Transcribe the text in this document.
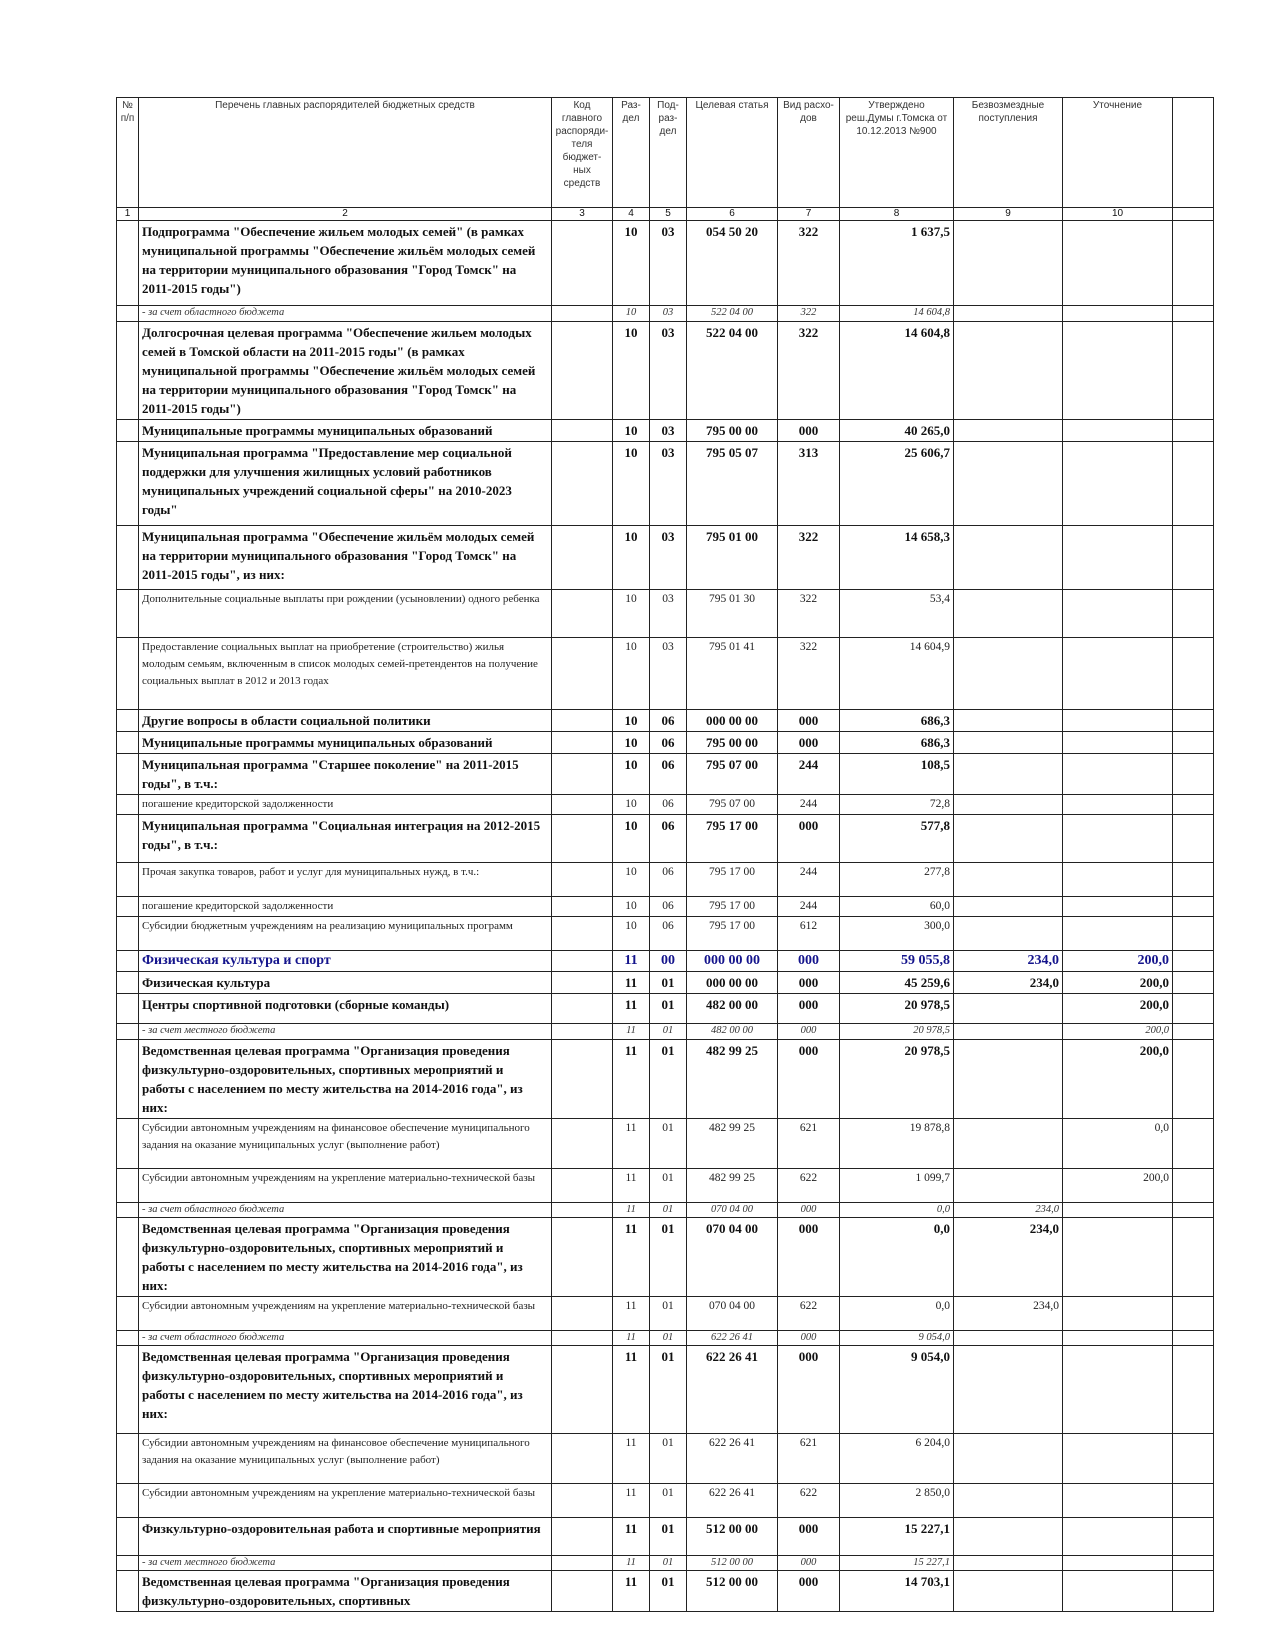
№ п/п	Перечень главных распорядителей бюджетных средств	Код главного распоряди-теля бюджет-ных средств	Раз-дел	Под-раз-дел	Целевая статья	Вид расхо-дов	Утверждено реш.Думы г.Томска от 10.12.2013 №900	Безвозмездные поступления	Уточнение	
1	2	3	4	5	6	7	8	9	10	
	Подпрограмма "Обеспечение жильем молодых семей" (в рамках муниципальной программы "Обеспечение жильём молодых семей на территории муниципального образования "Город Томск" на 2011-2015 годы")		10	03	054 50 20	322	1 637,5			
	- за счет областного бюджета		10	03	522 04 00	322	14 604,8			
	Долгосрочная целевая программа "Обеспечение жильем молодых семей в Томской области на 2011-2015 годы" (в рамках муниципальной программы "Обеспечение жильём молодых семей на территории муниципального образования "Город Томск" на 2011-2015 годы")		10	03	522 04 00	322	14 604,8			
	Муниципальные программы муниципальных образований		10	03	795 00 00	000	40 265,0			
	Муниципальная программа "Предоставление мер социальной поддержки для улучшения жилищных условий работников муниципальных учреждений социальной сферы" на 2010-2023 годы"		10	03	795 05 07	313	25 606,7			
	Муниципальная программа "Обеспечение жильём молодых семей на территории муниципального образования "Город Томск" на 2011-2015 годы", из них:		10	03	795 01 00	322	14 658,3			
	Дополнительные социальные выплаты при рождении (усыновлении) одного ребенка		10	03	795 01 30	322	53,4			
	Предоставление социальных выплат на приобретение (строительство) жилья молодым семьям, включенным в список молодых семей-претендентов на получение социальных выплат в 2012 и 2013 годах		10	03	795 01 41	322	14 604,9			
	Другие вопросы в области социальной политики		10	06	000 00 00	000	686,3			
	Муниципальные программы муниципальных образований		10	06	795 00 00	000	686,3			
	Муниципальная программа "Старшее поколение" на 2011-2015 годы", в т.ч.:		10	06	795 07 00	244	108,5			
	погашение кредиторской задолженности		10	06	795 07 00	244	72,8			
	Муниципальная программа "Социальная интеграция на 2012-2015 годы", в т.ч.:		10	06	795 17 00	000	577,8			
	Прочая закупка товаров, работ и услуг для муниципальных нужд, в т.ч.:		10	06	795 17 00	244	277,8			
	погашение кредиторской задолженности		10	06	795 17 00	244	60,0			
	Субсидии бюджетным учреждениям на реализацию муниципальных программ		10	06	795 17 00	612	300,0			
	Физическая культура и спорт		11	00	000 00 00	000	59 055,8	234,0	200,0	
	Физическая культура		11	01	000 00 00	000	45 259,6	234,0	200,0	
	Центры спортивной подготовки (сборные команды)		11	01	482 00 00	000	20 978,5		200,0	
	- за счет местного бюджета		11	01	482 00 00	000	20 978,5		200,0	
	Ведомственная целевая программа "Организация проведения физкультурно-оздоровительных, спортивных мероприятий и работы с населением по месту жительства на 2014-2016 года", из них:		11	01	482 99 25	000	20 978,5		200,0	
	Субсидии автономным учреждениям на финансовое обеспечение муниципального задания на оказание муниципальных услуг (выполнение работ)		11	01	482 99 25	621	19 878,8		0,0	
	Субсидии автономным учреждениям на укрепление материально-технической базы		11	01	482 99 25	622	1 099,7		200,0	
	- за счет областного бюджета		11	01	070 04 00	000	0,0	234,0		
	Ведомственная целевая программа "Организация проведения физкультурно-оздоровительных, спортивных мероприятий и работы с населением по месту жительства на 2014-2016 года", из них:		11	01	070 04 00	000	0,0	234,0		
	Субсидии автономным учреждениям на укрепление материально-технической базы		11	01	070 04 00	622	0,0	234,0		
	- за счет областного бюджета		11	01	622 26 41	000	9 054,0			
	Ведомственная целевая программа "Организация проведения физкультурно-оздоровительных, спортивных мероприятий и работы с населением по месту жительства на 2014-2016 года", из них:		11	01	622 26 41	000	9 054,0			
	Субсидии автономным учреждениям на финансовое обеспечение муниципального задания на оказание муниципальных услуг (выполнение работ)		11	01	622 26 41	621	6 204,0			
	Субсидии автономным учреждениям на укрепление материально-технической базы		11	01	622 26 41	622	2 850,0			
	Физкультурно-оздоровительная работа и спортивные мероприятия		11	01	512 00 00	000	15 227,1			
	- за счет местного бюджета		11	01	512 00 00	000	15 227,1			
	Ведомственная целевая программа "Организация проведения физкультурно-оздоровительных, спортивных		11	01	512 00 00	000	14 703,1			
